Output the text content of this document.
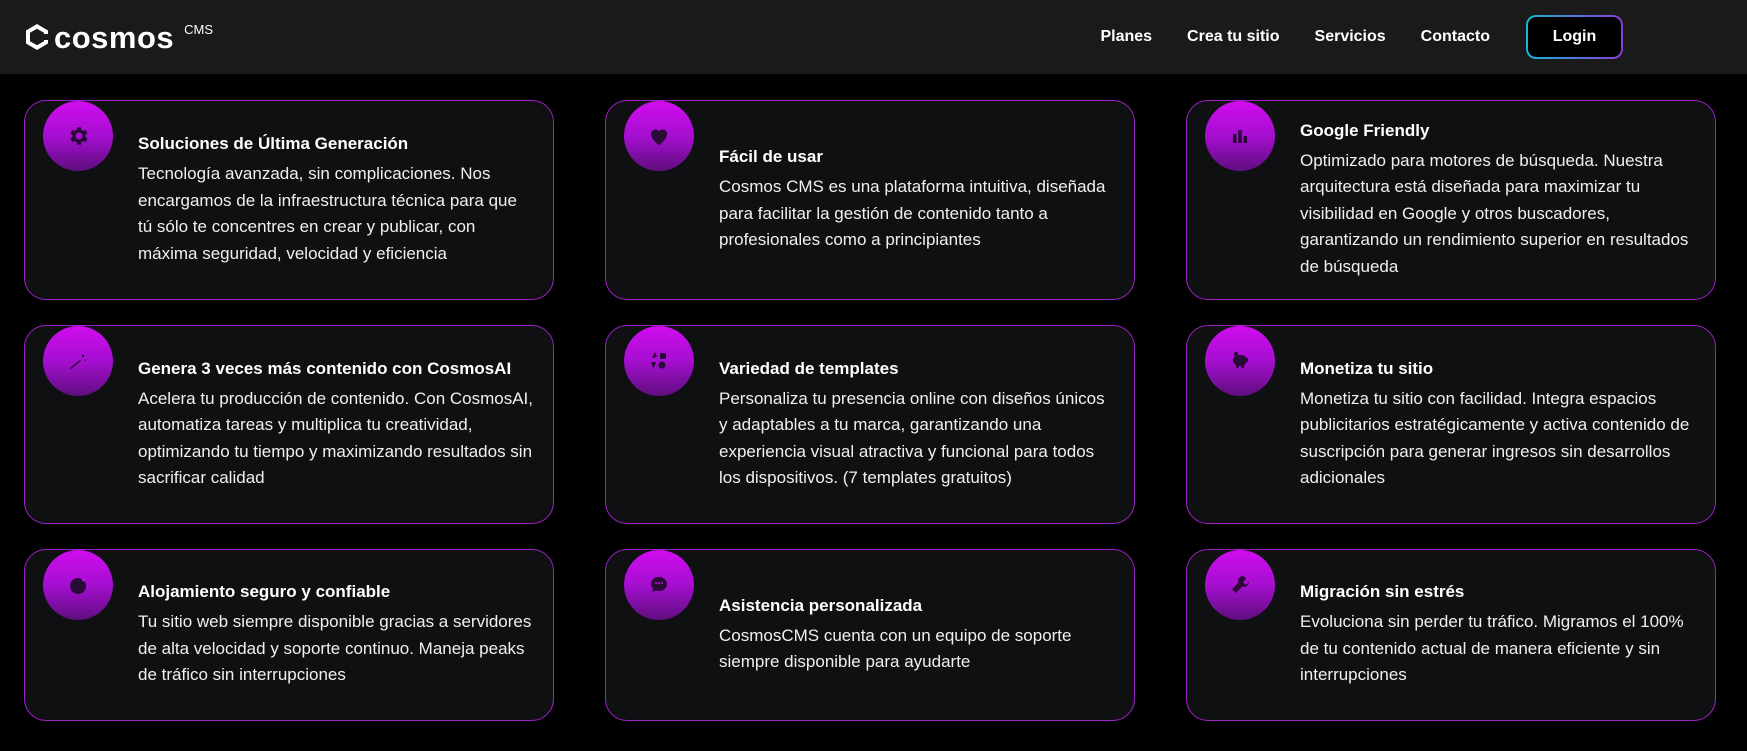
cosmos CMS	Planes Crea tu sitio Servicios Contacto	Login

Soluciones de Última Generación

Tecnología avanzada, sin complicaciones. Nos encargamos de la infraestructura técnica para que tú sólo te concentres en crear y publicar, con máxima seguridad, velocidad y eficiencia

Fácil de usar

Cosmos CMS es una plataforma intuitiva, diseñada para facilitar la gestión de contenido tanto a profesionales como a principiantes

Google Friendly

Optimizado para motores de búsqueda. Nuestra arquitectura está diseñada para maximizar tu visibilidad en Google y otros buscadores, garantizando un rendimiento superior en resultados de búsqueda

Genera 3 veces más contenido con CosmosAI

Acelera tu producción de contenido. Con CosmosAI, automatiza tareas y multiplica tu creatividad, optimizando tu tiempo y maximizando resultados sin sacrificar calidad

Variedad de templates

Personaliza tu presencia online con diseños únicos y adaptables a tu marca, garantizando una experiencia visual atractiva y funcional para todos los dispositivos. (7 templates gratuitos)

Monetiza tu sitio

Monetiza tu sitio con facilidad. Integra espacios publicitarios estratégicamente y activa contenido de suscripción para generar ingresos sin desarrollos adicionales

Alojamiento seguro y confiable

Tu sitio web siempre disponible gracias a servidores de alta velocidad y soporte continuo. Maneja peaks de tráfico sin interrupciones

Asistencia personalizada

CosmosCMS cuenta con un equipo de soporte siempre disponible para ayudarte

Migración sin estrés

Evoluciona sin perder tu tráfico. Migramos el 100% de tu contenido actual de manera eficiente y sin interrupciones
